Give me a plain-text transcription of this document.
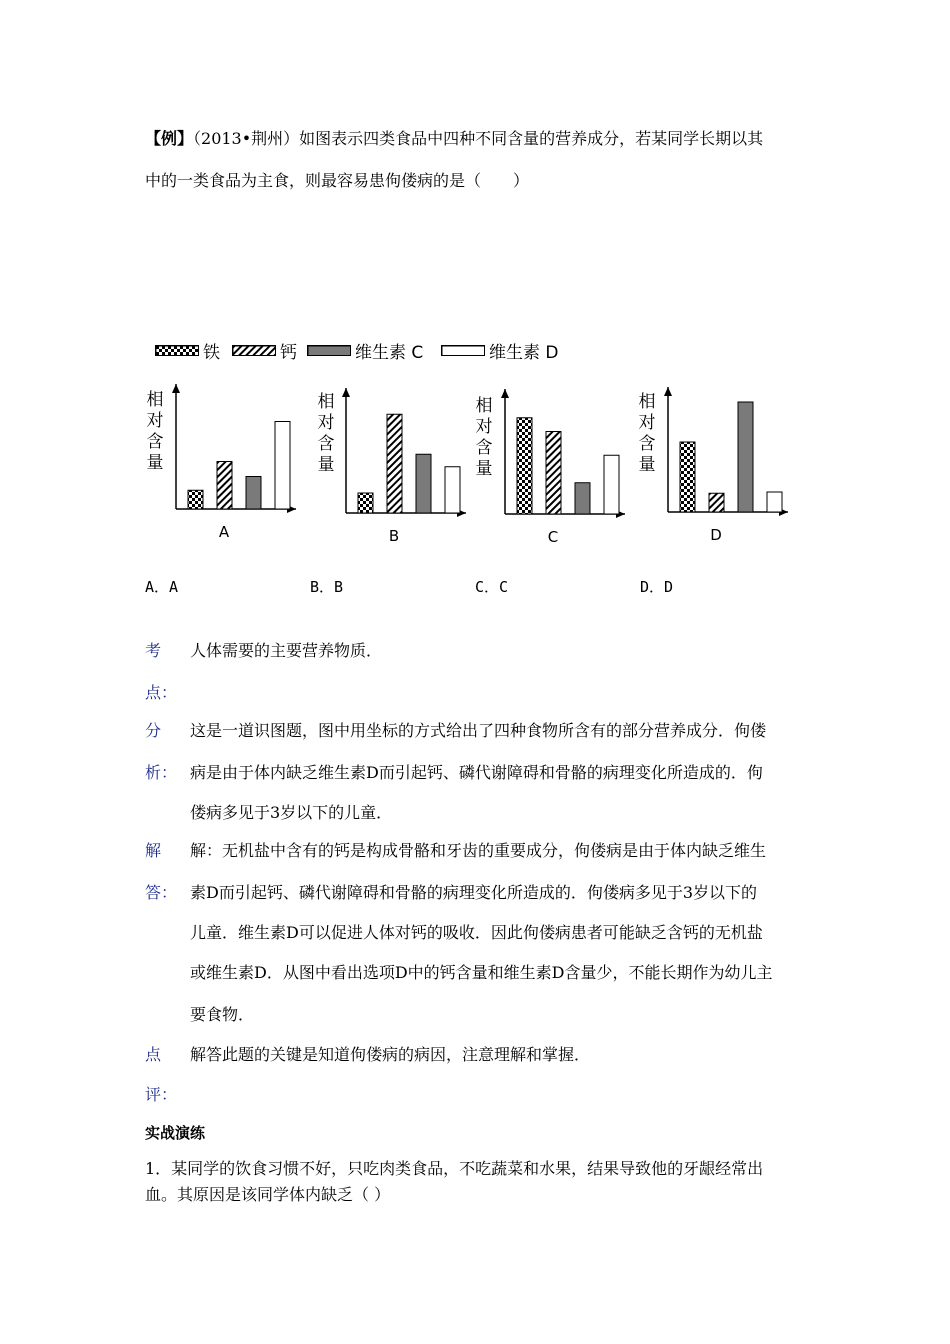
【例】（2013•荆州）如图表示四类食品中四种不同含量的营养成分，若某同学长期以其
中的一类食品为主食，则最容易患佝偻病的是（　　）
铁	钙	维生素 C	维生素 D
相对含量
相对含量
相对含量
相对含量
A	B	C	D
A．A	B．B	C．C	D．D
考
点：
人体需要的主要营养物质．
分
析：
这是一道识图题，图中用坐标的方式给出了四种食物所含有的部分营养成分．佝偻
病是由于体内缺乏维生素D而引起钙、磷代谢障碍和骨骼的病理变化所造成的．佝
偻病多见于3岁以下的儿童．
解
答：
解：无机盐中含有的钙是构成骨骼和牙齿的重要成分，佝偻病是由于体内缺乏维生
素D而引起钙、磷代谢障碍和骨骼的病理变化所造成的．佝偻病多见于3岁以下的
儿童．维生素D可以促进人体对钙的吸收．因此佝偻病患者可能缺乏含钙的无机盐
或维生素D．从图中看出选项D中的钙含量和维生素D含量少，不能长期作为幼儿主
要食物．
点
评：
解答此题的关键是知道佝偻病的病因，注意理解和掌握．
实战演练
1．某同学的饮食习惯不好，只吃肉类食品，不吃蔬菜和水果，结果导致他的牙龈经常出
血。其原因是该同学体内缺乏（ ）
